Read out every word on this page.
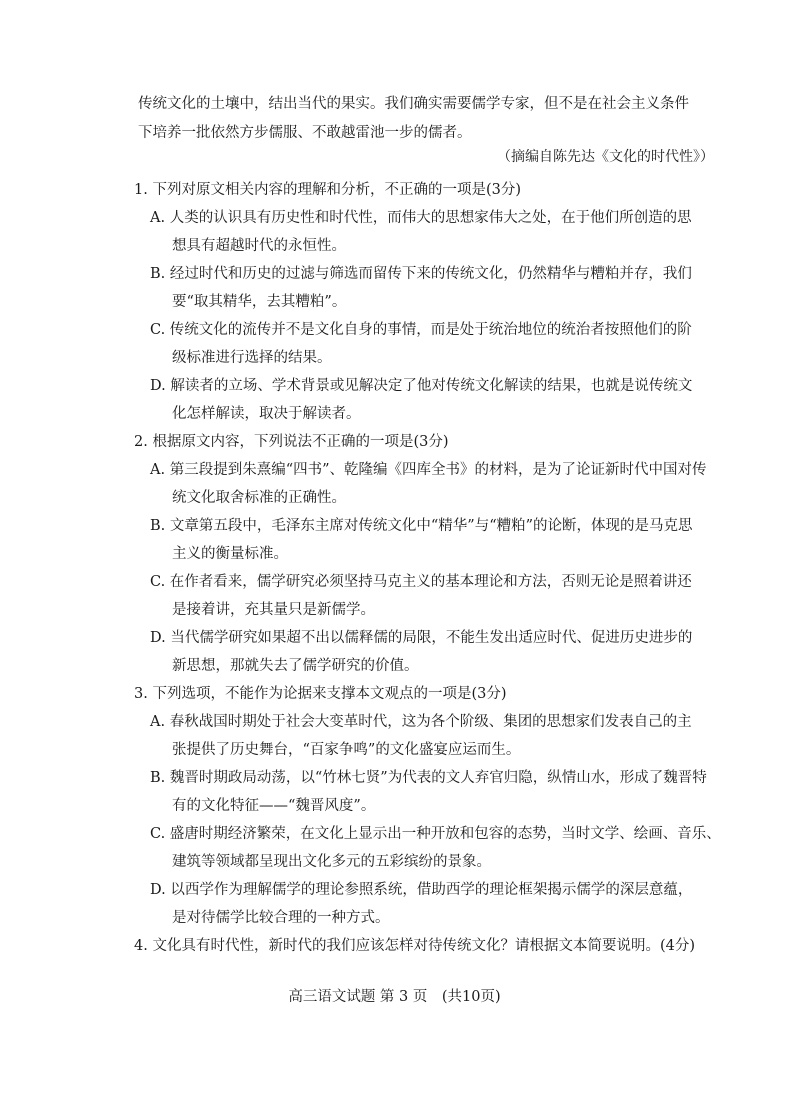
传统文化的土壤中，结出当代的果实。我们确实需要儒学专家，但不是在社会主义条件

下培养一批依然方步儒服、不敢越雷池一步的儒者。

（摘编自陈先达《文化的时代性》）

1. 下列对原文相关内容的理解和分析，不正确的一项是(3分)

A. 人类的认识具有历史性和时代性，而伟大的思想家伟大之处，在于他们所创造的思
想具有超越时代的永恒性。
B. 经过时代和历史的过滤与筛选而留传下来的传统文化，仍然精华与糟粕并存，我们
要“取其精华，去其糟粕”。
C. 传统文化的流传并不是文化自身的事情，而是处于统治地位的统治者按照他们的阶
级标准进行选择的结果。
D. 解读者的立场、学术背景或见解决定了他对传统文化解读的结果，也就是说传统文
化怎样解读，取决于解读者。

2. 根据原文内容，下列说法不正确的一项是(3分)

A. 第三段提到朱熹编“四书”、乾隆编《四库全书》的材料，是为了论证新时代中国对传
统文化取舍标准的正确性。
B. 文章第五段中，毛泽东主席对传统文化中“精华”与“糟粕”的论断，体现的是马克思
主义的衡量标准。
C. 在作者看来，儒学研究必须坚持马克主义的基本理论和方法，否则无论是照着讲还
是接着讲，充其量只是新儒学。
D. 当代儒学研究如果超不出以儒释儒的局限，不能生发出适应时代、促进历史进步的
新思想，那就失去了儒学研究的价值。

3. 下列选项，不能作为论据来支撑本文观点的一项是(3分)

A. 春秋战国时期处于社会大变革时代，这为各个阶级、集团的思想家们发表自己的主
张提供了历史舞台，“百家争鸣”的文化盛宴应运而生。
B. 魏晋时期政局动荡，以“竹林七贤”为代表的文人弃官归隐，纵情山水，形成了魏晋特
有的文化特征——“魏晋风度”。
C. 盛唐时期经济繁荣，在文化上显示出一种开放和包容的态势，当时文学、绘画、音乐、
建筑等领域都呈现出文化多元的五彩缤纷的景象。
D. 以西学作为理解儒学的理论参照系统，借助西学的理论框架揭示儒学的深层意蕴，
是对待儒学比较合理的一种方式。

4. 文化具有时代性，新时代的我们应该怎样对待传统文化？请根据文本简要说明。(4分)

高三语文试题 第 3 页　(共10页)
